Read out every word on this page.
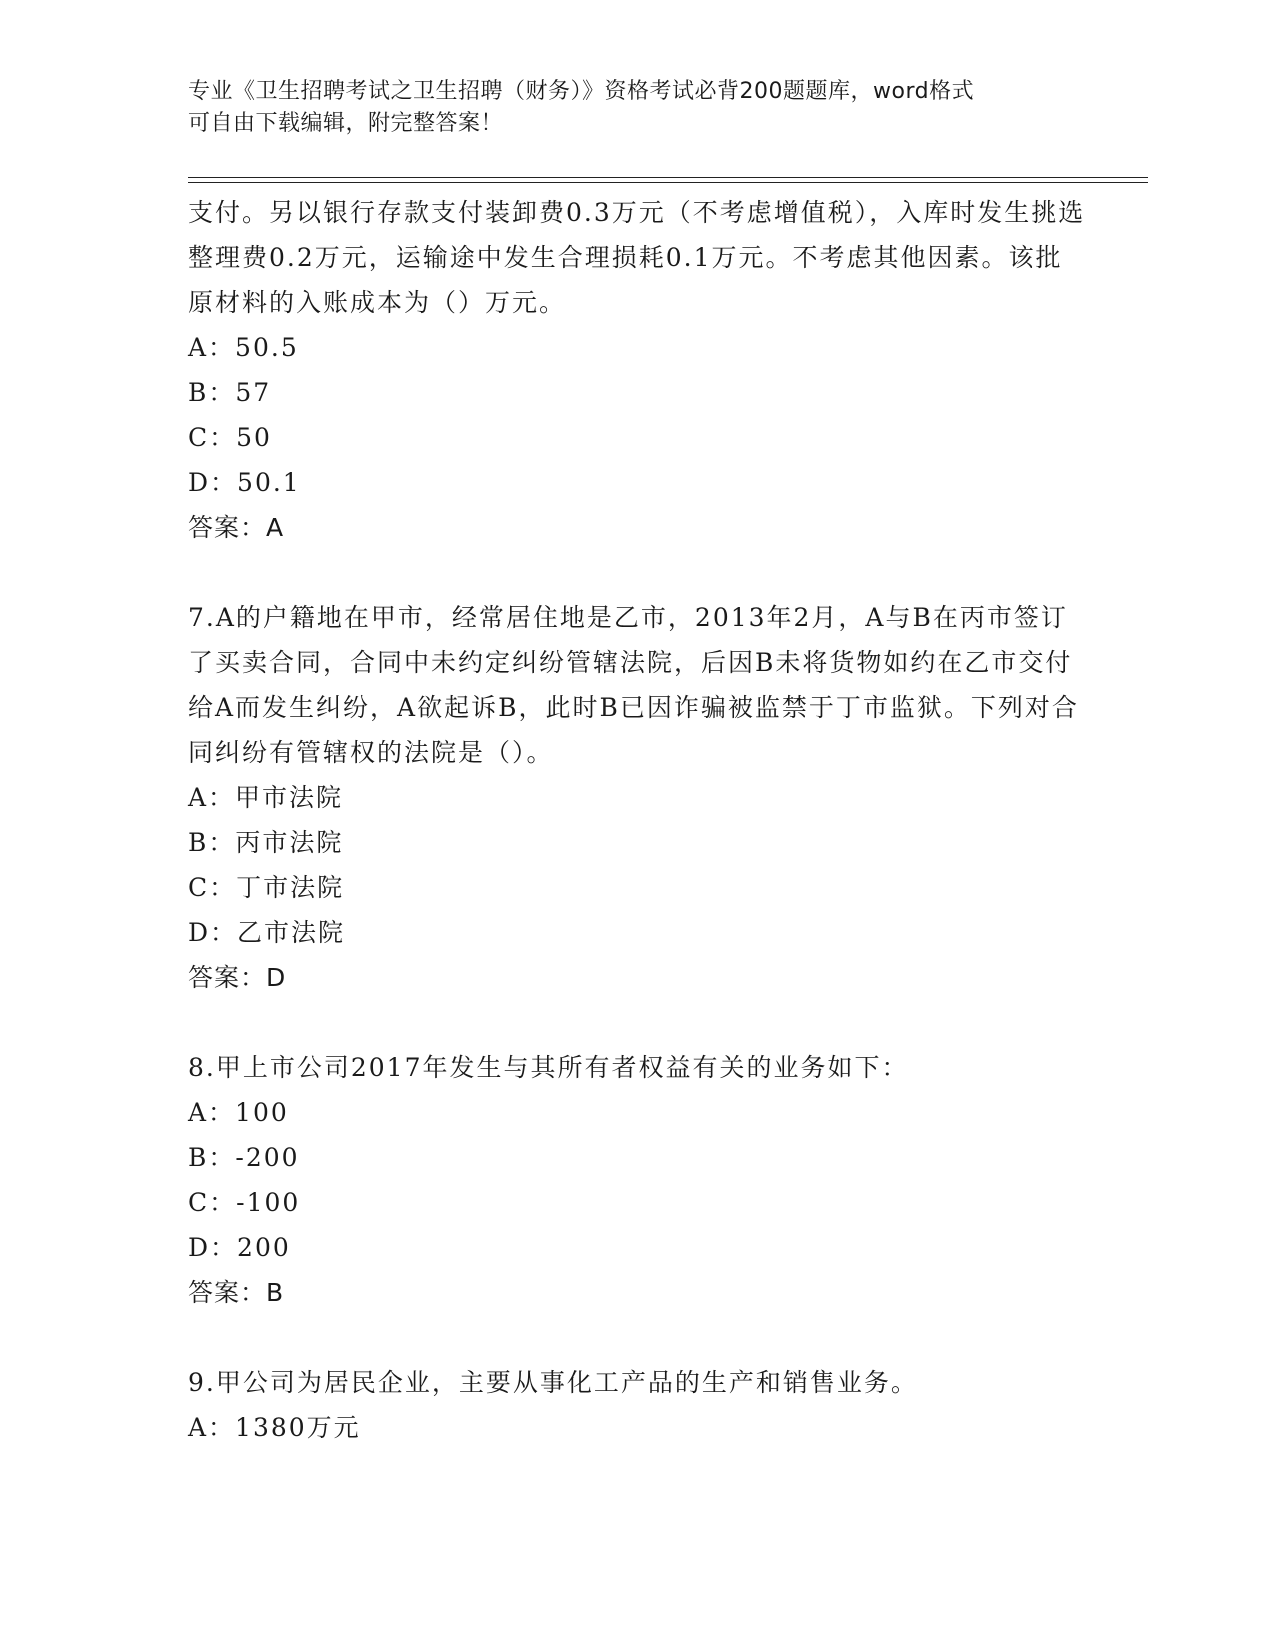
专业《卫生招聘考试之卫生招聘（财务）》资格考试必背200题题库，word格式
可自由下载编辑，附完整答案！

支付。另以银行存款支付装卸费0.3万元（不考虑增值税），入库时发生挑选整理费0.2万元，运输途中发生合理损耗0.1万元。不考虑其他因素。该批原材料的入账成本为（）万元。

A：50.5

B：57

C：50

D：50.1

答案：A

7.A的户籍地在甲市，经常居住地是乙市，2013年2月，A与B在丙市签订了买卖合同，合同中未约定纠纷管辖法院，后因B未将货物如约在乙市交付给A而发生纠纷，A欲起诉B，此时B已因诈骗被监禁于丁市监狱。下列对合同纠纷有管辖权的法院是（）。

A：甲市法院

B：丙市法院

C：丁市法院

D：乙市法院

答案：D

8.甲上市公司2017年发生与其所有者权益有关的业务如下：

A：100

B：-200

C：-100

D：200

答案：B

9.甲公司为居民企业，主要从事化工产品的生产和销售业务。

A：1380万元
